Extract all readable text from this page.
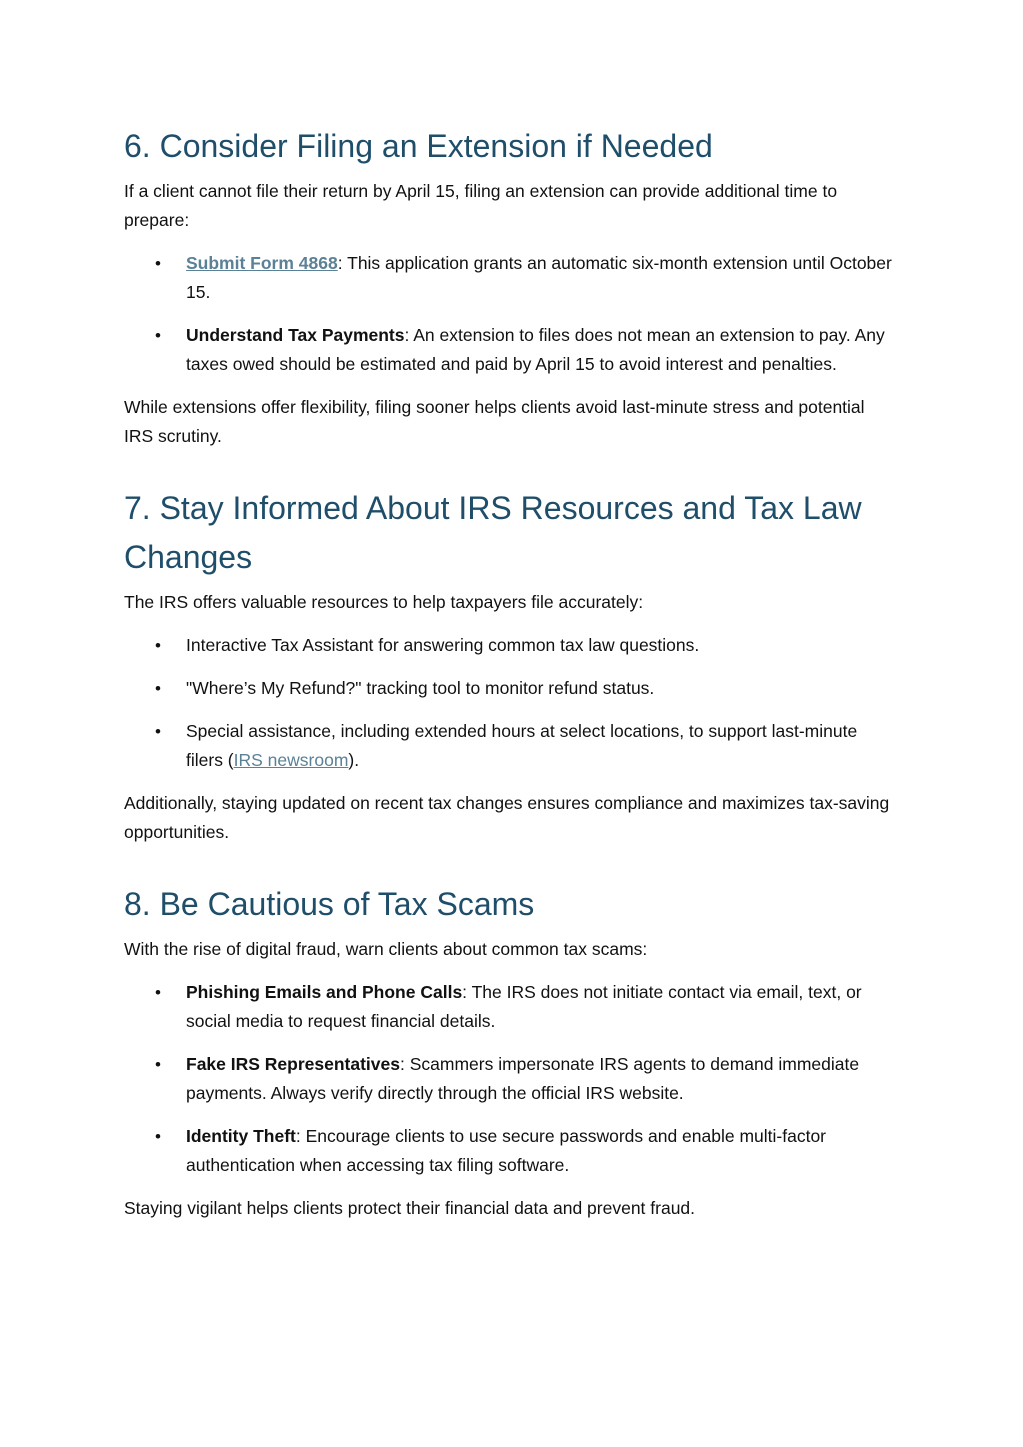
6. Consider Filing an Extension if Needed

If a client cannot file their return by April 15, filing an extension can provide additional time to prepare:

• Submit Form 4868: This application grants an automatic six-month extension until October 15.
• Understand Tax Payments: An extension to files does not mean an extension to pay. Any taxes owed should be estimated and paid by April 15 to avoid interest and penalties.

While extensions offer flexibility, filing sooner helps clients avoid last-minute stress and potential IRS scrutiny.

7. Stay Informed About IRS Resources and Tax Law Changes

The IRS offers valuable resources to help taxpayers file accurately:

• Interactive Tax Assistant for answering common tax law questions.
• "Where’s My Refund?" tracking tool to monitor refund status.
• Special assistance, including extended hours at select locations, to support last-minute filers (IRS newsroom).

Additionally, staying updated on recent tax changes ensures compliance and maximizes tax-saving opportunities.

8. Be Cautious of Tax Scams

With the rise of digital fraud, warn clients about common tax scams:

• Phishing Emails and Phone Calls: The IRS does not initiate contact via email, text, or social media to request financial details.
• Fake IRS Representatives: Scammers impersonate IRS agents to demand immediate payments. Always verify directly through the official IRS website.
• Identity Theft: Encourage clients to use secure passwords and enable multi-factor authentication when accessing tax filing software.

Staying vigilant helps clients protect their financial data and prevent fraud.
